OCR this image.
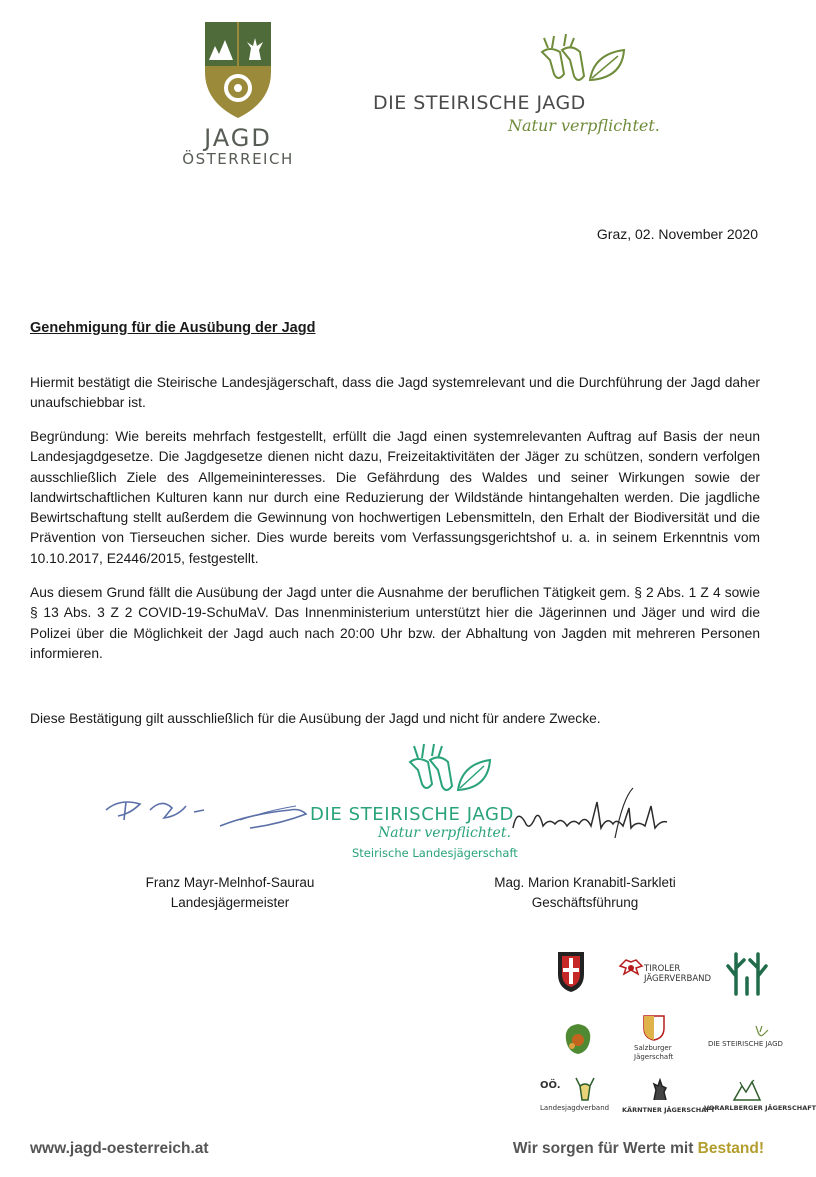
JAGD
ÖSTERREICH
DIE STEIRISCHE JAGD
Natur verpflichtet.
Graz, 02. November 2020
Genehmigung für die Ausübung der Jagd
Hiermit bestätigt die Steirische Landesjägerschaft, dass die Jagd systemrelevant und die Durchführung der Jagd daher unaufschiebbar ist.
Begründung: Wie bereits mehrfach festgestellt, erfüllt die Jagd einen systemrelevanten Auftrag auf Basis der neun Landesjagdgesetze. Die Jagdgesetze dienen nicht dazu, Freizeitaktivitäten der Jäger zu schützen, sondern verfolgen ausschließlich Ziele des Allgemeininteresses. Die Gefährdung des Waldes und seiner Wirkungen sowie der landwirtschaftlichen Kulturen kann nur durch eine Reduzierung der Wildstände hintangehalten werden. Die jagdliche Bewirtschaftung stellt außerdem die Gewinnung von hochwertigen Lebensmitteln, den Erhalt der Biodiversität und die Prävention von Tierseuchen sicher. Dies wurde bereits vom Verfassungsgerichtshof u. a. in seinem Erkenntnis vom 10.10.2017, E2446/2015, festgestellt.
Aus diesem Grund fällt die Ausübung der Jagd unter die Ausnahme der beruflichen Tätigkeit gem. § 2 Abs. 1 Z 4 sowie § 13 Abs. 3 Z 2 COVID-19-SchuMaV. Das Innenministerium unterstützt hier die Jägerinnen und Jäger und wird die Polizei über die Möglichkeit der Jagd auch nach 20:00 Uhr bzw. der Abhaltung von Jagden mit mehreren Personen informieren.
Diese Bestätigung gilt ausschließlich für die Ausübung der Jagd und nicht für andere Zwecke.
DIE STEIRISCHE JAGD
Natur verpflichtet.
Steirische Landesjägerschaft
Franz Mayr-Melnhof-Saurau
Landesjägermeister
Mag. Marion Kranabitl-Sarkleti
Geschäftsführung
TIROLER JÄGERVERBAND
Salzburger
Jägerschaft
DIE STEIRISCHE JAGD
OÖ.
Landesjagdverband KÄRNTNER JÄGERSCHAFT
VORARLBERGER JÄGERSCHAFT
www.jagd-oesterreich.at	Wir sorgen für Werte mit Bestand!
